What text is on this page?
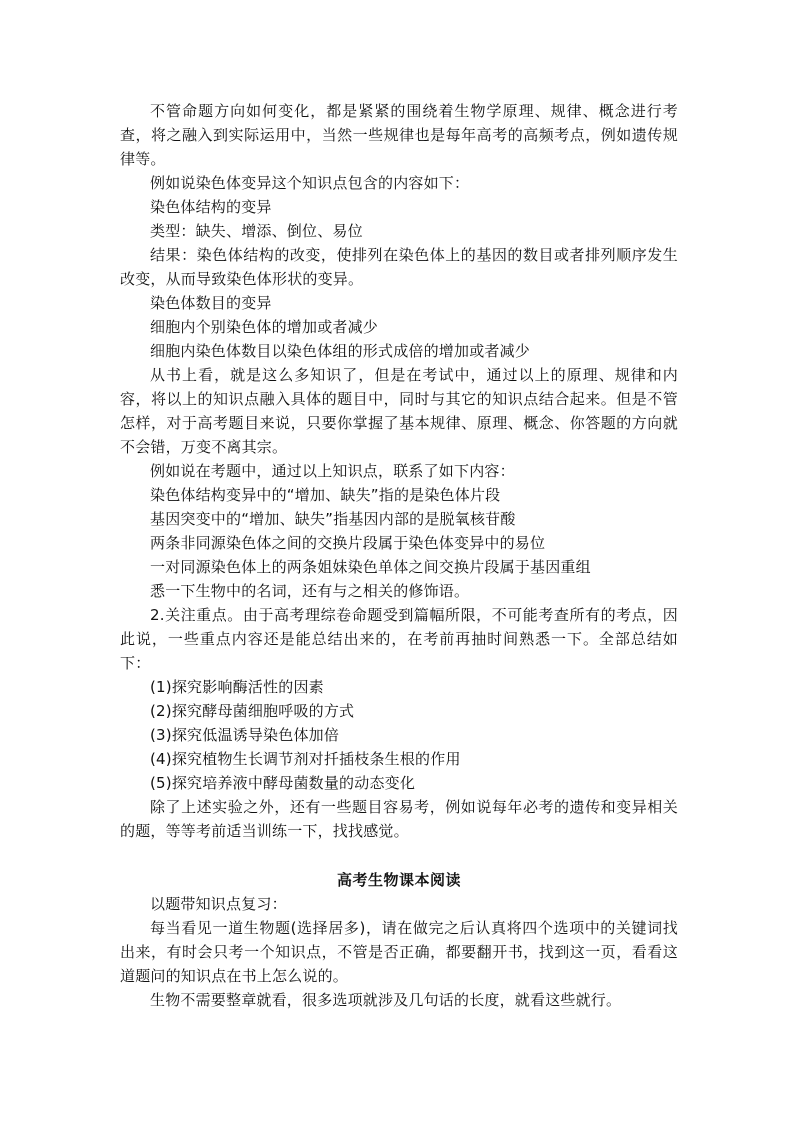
不管命题方向如何变化，都是紧紧的围绕着生物学原理、规律、概念进行考查，将之融入到实际运用中，当然一些规律也是每年高考的高频考点，例如遗传规律等。

例如说染色体变异这个知识点包含的内容如下：

染色体结构的变异

类型：缺失、增添、倒位、易位

结果：染色体结构的改变，使排列在染色体上的基因的数目或者排列顺序发生改变，从而导致染色体形状的变异。

染色体数目的变异

细胞内个别染色体的增加或者减少

细胞内染色体数目以染色体组的形式成倍的增加或者减少

从书上看，就是这么多知识了，但是在考试中，通过以上的原理、规律和内容，将以上的知识点融入具体的题目中，同时与其它的知识点结合起来。但是不管怎样，对于高考题目来说，只要你掌握了基本规律、原理、概念、你答题的方向就不会错，万变不离其宗。

例如说在考题中，通过以上知识点，联系了如下内容：

染色体结构变异中的“增加、缺失”指的是染色体片段

基因突变中的“增加、缺失”指基因内部的是脱氧核苷酸

两条非同源染色体之间的交换片段属于染色体变异中的易位

一对同源染色体上的两条姐妹染色单体之间交换片段属于基因重组

悉一下生物中的名词，还有与之相关的修饰语。

2.关注重点。由于高考理综卷命题受到篇幅所限，不可能考查所有的考点，因此说，一些重点内容还是能总结出来的，在考前再抽时间熟悉一下。全部总结如下：

(1)探究影响酶活性的因素

(2)探究酵母菌细胞呼吸的方式

(3)探究低温诱导染色体加倍

(4)探究植物生长调节剂对扦插枝条生根的作用

(5)探究培养液中酵母菌数量的动态变化

除了上述实验之外，还有一些题目容易考，例如说每年必考的遗传和变异相关的题，等等考前适当训练一下，找找感觉。

高考生物课本阅读

以题带知识点复习：

每当看见一道生物题(选择居多)，请在做完之后认真将四个选项中的关键词找出来，有时会只考一个知识点，不管是否正确，都要翻开书，找到这一页，看看这道题问的知识点在书上怎么说的。

生物不需要整章就看，很多选项就涉及几句话的长度，就看这些就行。
